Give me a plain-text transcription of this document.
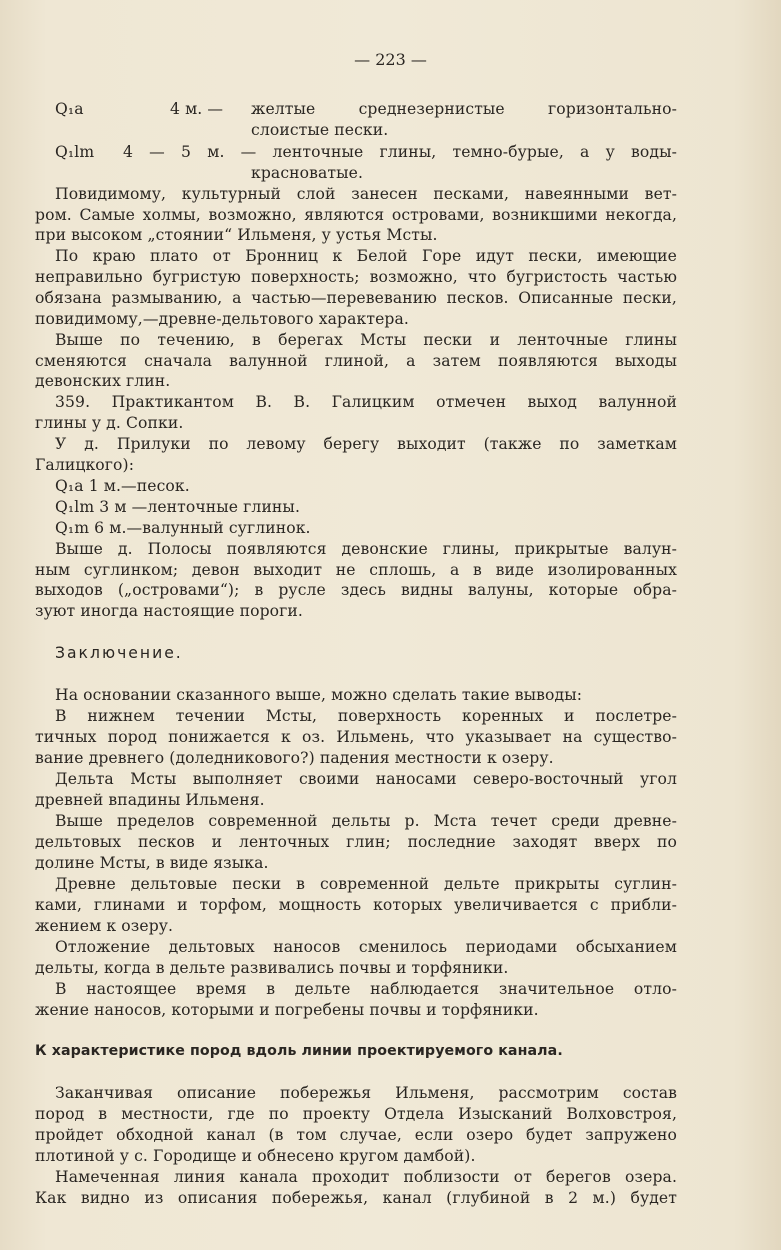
— 223 —
Q₁a	4 м. — желтые среднезернистые горизонтально-
слоистые пески.
Q₁lm 4 — 5 м. — ленточные глины, темно-бурые, а у воды-
красноватые.
Повидимому, культурный слой занесен песками, навеянными вет-
ром. Самые холмы, возможно, являются островами, возникшими некогда,
при высоком „стоянии“ Ильменя, у устья Мсты.
По краю плато от Бронниц к Белой Горе идут пески, имеющие
неправильно бугристую поверхность; возможно, что бугристость частью
обязана размыванию, а частью—перевеванию песков. Описанные пески,
повидимому,—древне-дельтового характера.
Выше по течению, в берегах Мсты пески и ленточные глины
сменяются сначала валунной глиной, а затем появляются выходы
девонских глин.
359. Практикантом В. В. Галицким отмечен выход валунной
глины у д. Сопки.
У д. Прилуки по левому берегу выходит (также по заметкам
Галицкого):
Q₁a 1 м.—песок.
Q₁lm 3 м —ленточные глины.
Q₁m 6 м.—валунный суглинок.
Выше д. Полосы появляются девонские глины, прикрытые валун-
ным суглинком; девон выходит не сплошь, а в виде изолированных
выходов („островами“); в русле здесь видны валуны, которые обра-
зуют иногда настоящие пороги.
Заключение.
На основании сказанного выше, можно сделать такие выводы:
В нижнем течении Мсты, поверхность коренных и послетре-
тичных пород понижается к оз. Ильмень, что указывает на существо-
вание древнего (доледникового?) падения местности к озеру.
Дельта Мсты выполняет своими наносами северо-восточный угол
древней впадины Ильменя.
Выше пределов современной дельты р. Мста течет среди древне-
дельтовых песков и ленточных глин; последние заходят вверх по
долине Мсты, в виде языка.
Древне дельтовые пески в современной дельте прикрыты суглин-
ками, глинами и торфом, мощность которых увеличивается с прибли-
жением к озеру.
Отложение дельтовых наносов сменилось периодами обсыханием
дельты, когда в дельте развивались почвы и торфяники.
В настоящее время в дельте наблюдается значительное отло-
жение наносов, которыми и погребены почвы и торфяники.
К характеристике пород вдоль линии проектируемого канала.
Заканчивая описание побережья Ильменя, рассмотрим состав
пород в местности, где по проекту Отдела Изысканий Волховстроя,
пройдет обходной канал (в том случае, если озеро будет запружено
плотиной у с. Городище и обнесено кругом дамбой).
Намеченная линия канала проходит поблизости от берегов озера.
Как видно из описания побережья, канал (глубиной в 2 м.) будет
